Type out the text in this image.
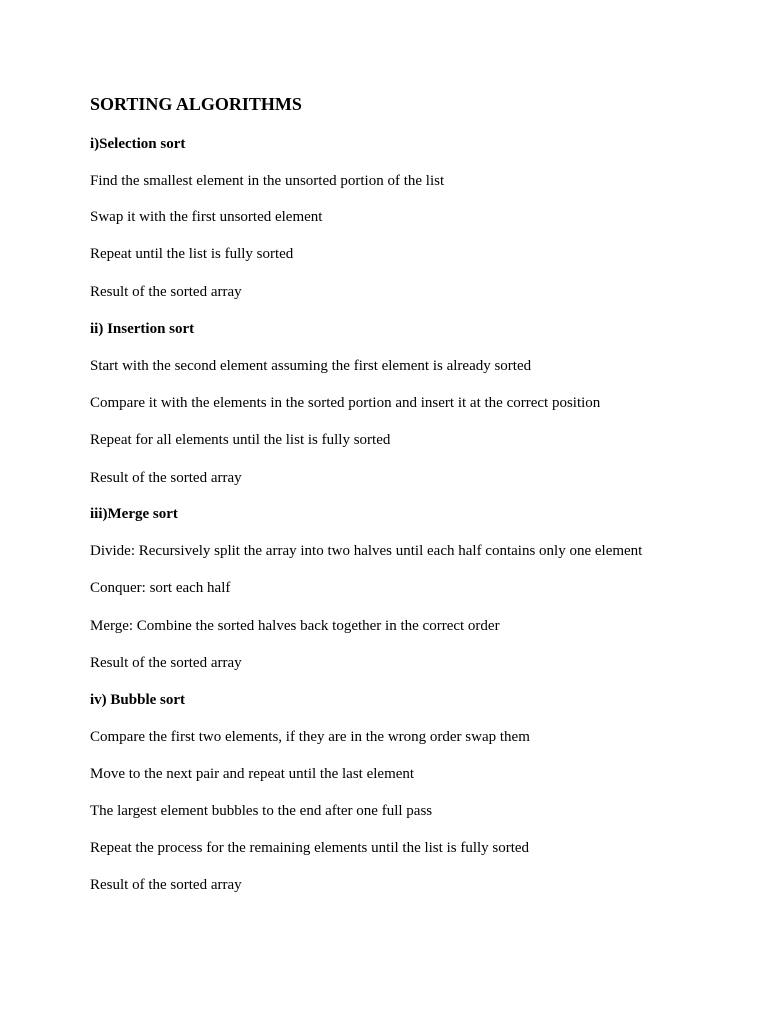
SORTING ALGORITHMS
i)Selection sort
Find the smallest element in the unsorted portion of the list
Swap it with the first unsorted element
Repeat until the list is fully sorted
Result of the sorted array
ii) Insertion sort
Start with the second element assuming the first element is already sorted
Compare it with the elements in the sorted portion and insert it at the correct position
Repeat for all elements until the list is fully sorted
Result of the sorted array
iii)Merge sort
Divide: Recursively split the array into two halves until each half contains only one element
Conquer: sort each half
Merge: Combine the sorted halves back together in the correct order
Result of the sorted array
iv) Bubble sort
Compare the first two elements, if they are in the wrong order swap them
Move to the next pair and repeat until the last element
The largest element bubbles to the end after one full pass
Repeat the process for the remaining elements until the list is fully sorted
Result of the sorted array
